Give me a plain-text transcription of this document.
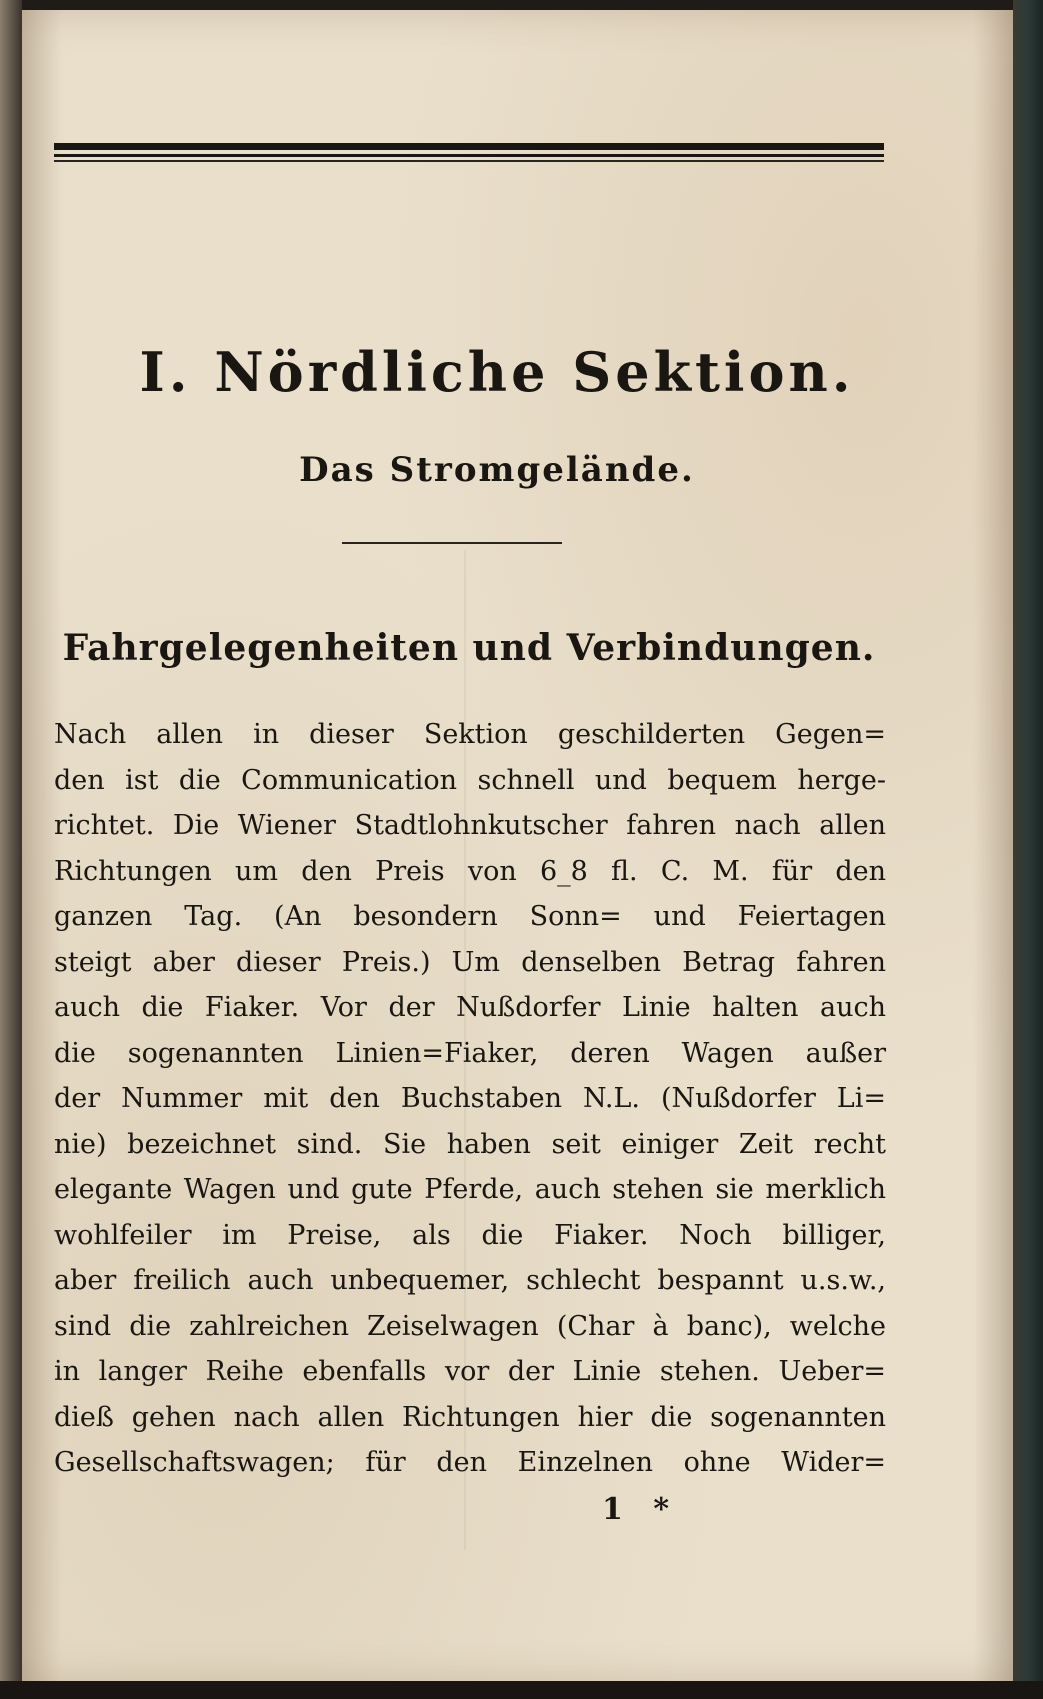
I. Nördliche Sektion.
Das Stromgelände.
Fahrgelegenheiten und Verbindungen.
Nach allen in dieser Sektion geschilderten Gegen=
den ist die Communication schnell und bequem herge-
richtet. Die Wiener Stadtlohnkutscher fahren nach allen
Richtungen um den Preis von 6_8 fl. C. M. für den
ganzen Tag. (An besondern Sonn= und Feiertagen
steigt aber dieser Preis.) Um denselben Betrag fahren
auch die Fiaker. Vor der Nußdorfer Linie halten auch
die sogenannten Linien=Fiaker, deren Wagen außer
der Nummer mit den Buchstaben N.L. (Nußdorfer Li=
nie) bezeichnet sind. Sie haben seit einiger Zeit recht
elegante Wagen und gute Pferde, auch stehen sie merklich
wohlfeiler im Preise, als die Fiaker. Noch billiger,
aber freilich auch unbequemer, schlecht bespannt u.s.w.,
sind die zahlreichen Zeiselwagen (Char à banc), welche
in langer Reihe ebenfalls vor der Linie stehen. Ueber=
dieß gehen nach allen Richtungen hier die sogenannten
Gesellschaftswagen; für den Einzelnen ohne Wider=
1 *
